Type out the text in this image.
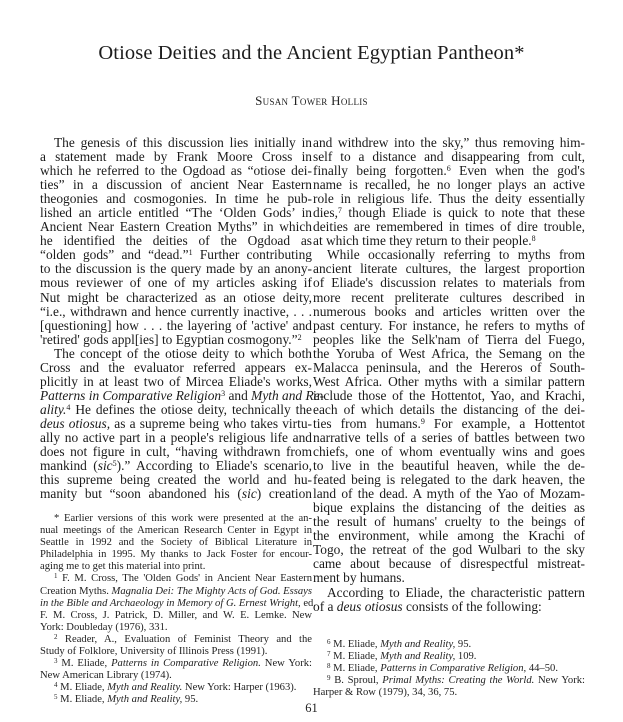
Otiose Deities and the Ancient Egyptian Pantheon*
Susan Tower Hollis
The genesis of this discussion lies initially in
a statement made by Frank Moore Cross in
which he referred to the Ogdoad as “otiose dei-
ties” in a discussion of ancient Near Eastern
theogonies and cosmogonies. In time he pub-
lished an article entitled “The ‘Olden Gods’ in
Ancient Near Eastern Creation Myths” in which
he identified the deities of the Ogdoad as
“olden gods” and “dead.”$^1$ Further contributing
to the discussion is the query made by an anony-
mous reviewer of one of my articles asking if
Nut might be characterized as an otiose deity,
“i.e., withdrawn and hence currently inactive, . . .
[questioning] how . . . the layering of 'active' and
'retired' gods appl[ies] to Egyptian cosmogony.”$^2$
The concept of the otiose deity to which both
Cross and the evaluator referred appears ex-
plicitly in at least two of Mircea Eliade's works,
Patterns in Comparative Religion$^3$ and Myth and Re-
ality.$^4$ He defines the otiose deity, technically the
deus otiosus, as a supreme being who takes virtu-
ally no active part in a people's religious life and
does not figure in cult, “having withdrawn from
mankind (sic$^5$).” According to Eliade's scenario,
this supreme being created the world and hu-
manity but “soon abandoned his (sic) creation
and withdrew into the sky,” thus removing him-
self to a distance and disappearing from cult,
finally being forgotten.$^6$ Even when the god's
name is recalled, he no longer plays an active
role in religious life. Thus the deity essentially
dies,$^7$ though Eliade is quick to note that these
deities are remembered in times of dire trouble,
at which time they return to their people.$^8$
While occasionally referring to myths from
ancient literate cultures, the largest proportion
of Eliade's discussion relates to materials from
more recent preliterate cultures described in
numerous books and articles written over the
past century. For instance, he refers to myths of
peoples like the Selk'nam of Tierra del Fuego,
the Yoruba of West Africa, the Semang on the
Malacca peninsula, and the Hereros of South-
West Africa. Other myths with a similar pattern
include those of the Hottentot, Yao, and Krachi,
each of which details the distancing of the dei-
ties from humans.$^9$ For example, a Hottentot
narrative tells of a series of battles between two
chiefs, one of whom eventually wins and goes
to live in the beautiful heaven, while the de-
feated being is relegated to the dark heaven, the
land of the dead. A myth of the Yao of Mozam-
bique explains the distancing of the deities as
the result of humans' cruelty to the beings of
the environment, while among the Krachi of
Togo, the retreat of the god Wulbari to the sky
came about because of disrespectful mistreat-
ment by humans.
According to Eliade, the characteristic pattern
of a deus otiosus consists of the following:
* Earlier versions of this work were presented at the an-
nual meetings of the American Research Center in Egypt in
Seattle in 1992 and the Society of Biblical Literature in
Philadelphia in 1995. My thanks to Jack Foster for encour-
aging me to get this material into print.
$^1$ F. M. Cross, The 'Olden Gods' in Ancient Near Eastern
Creation Myths. Magnalia Dei: The Mighty Acts of God. Essays
in the Bible and Archaeology in Memory of G. Ernest Wright, ed.
F. M. Cross, J. Patrick, D. Miller, and W. E. Lemke. New
York: Doubleday (1976), 331.
$^2$ Reader, A., Evaluation of Feminist Theory and the
Study of Folklore, University of Illinois Press (1991).
$^3$ M. Eliade, Patterns in Comparative Religion. New York:
New American Library (1974).
$^4$ M. Eliade, Myth and Reality. New York: Harper (1963).
$^5$ M. Eliade, Myth and Reality, 95.
$^6$ M. Eliade, Myth and Reality, 95.
$^7$ M. Eliade, Myth and Reality, 109.
$^8$ M. Eliade, Patterns in Comparative Religion, 44–50.
$^9$ B. Sproul, Primal Myths: Creating the World. New York:
Harper & Row (1979), 34, 36, 75.
61
